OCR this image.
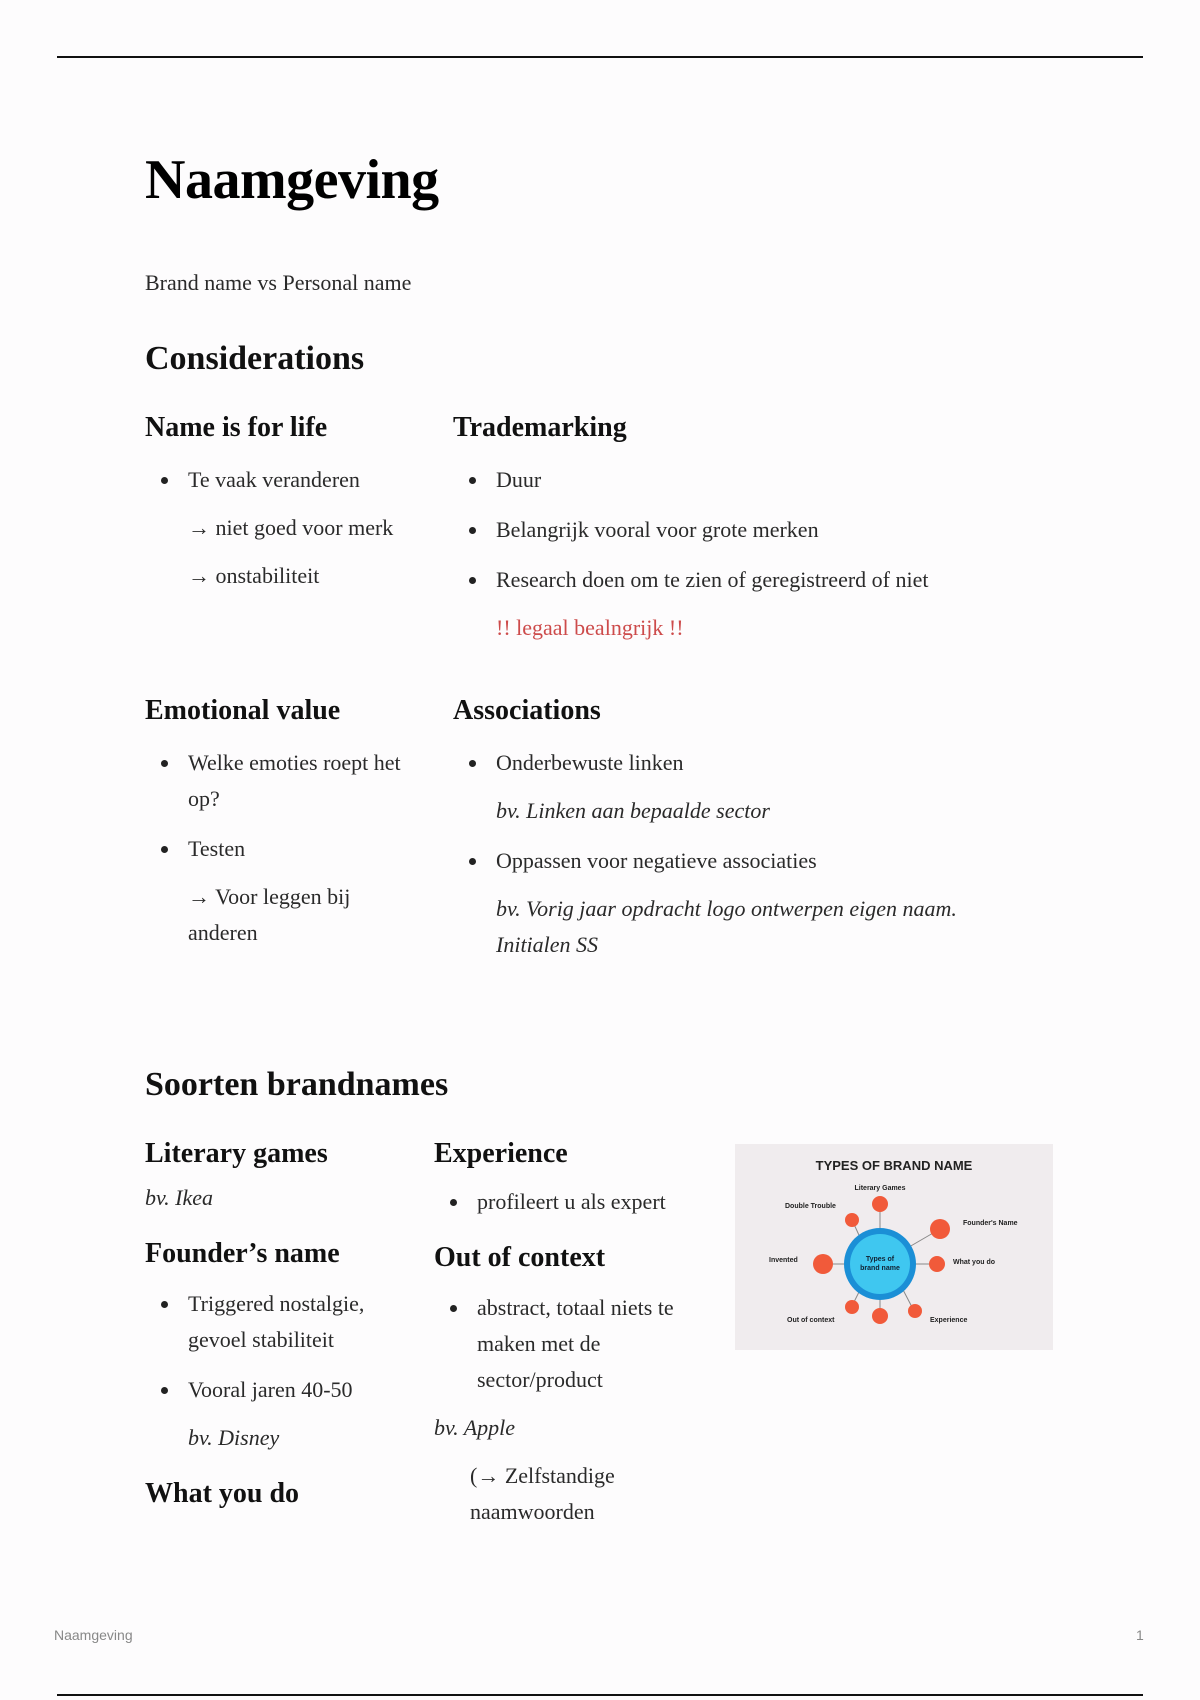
Naamgeving

Brand name vs Personal name

Considerations
Name is for life

Te vaak veranderen

→ niet goed voor merk

→ onstabiliteit

Trademarking

Duur

Belangrijk vooral voor grote merken

Research doen om te zien of geregistreerd of niet

!! legaal bealngrijk !!

Emotional value

Welke emoties roept het op?

Testen

→ Voor leggen bij anderen

Associations

Onderbewuste linken

bv. Linken aan bepaalde sector

Oppassen voor negatieve associaties

bv. Vorig jaar opdracht logo ontwerpen eigen naam. Initialen SS

Soorten brandnames
Literary games

bv. Ikea

Founder’s name

Triggered nostalgie, gevoel stabiliteit

Vooral jaren 40-50

bv. Disney

What you do
Experience

profileert u als expert

Out of context

abstract, totaal niets te maken met de sector/product

bv. Apple

(→ Zelfstandige naamwoorden

TYPES OF BRAND NAME
Types of
brand name
Literary Games
Founder's Name
What you do
Experience
Out of context
Invented
Double Trouble

Naamgeving	1
